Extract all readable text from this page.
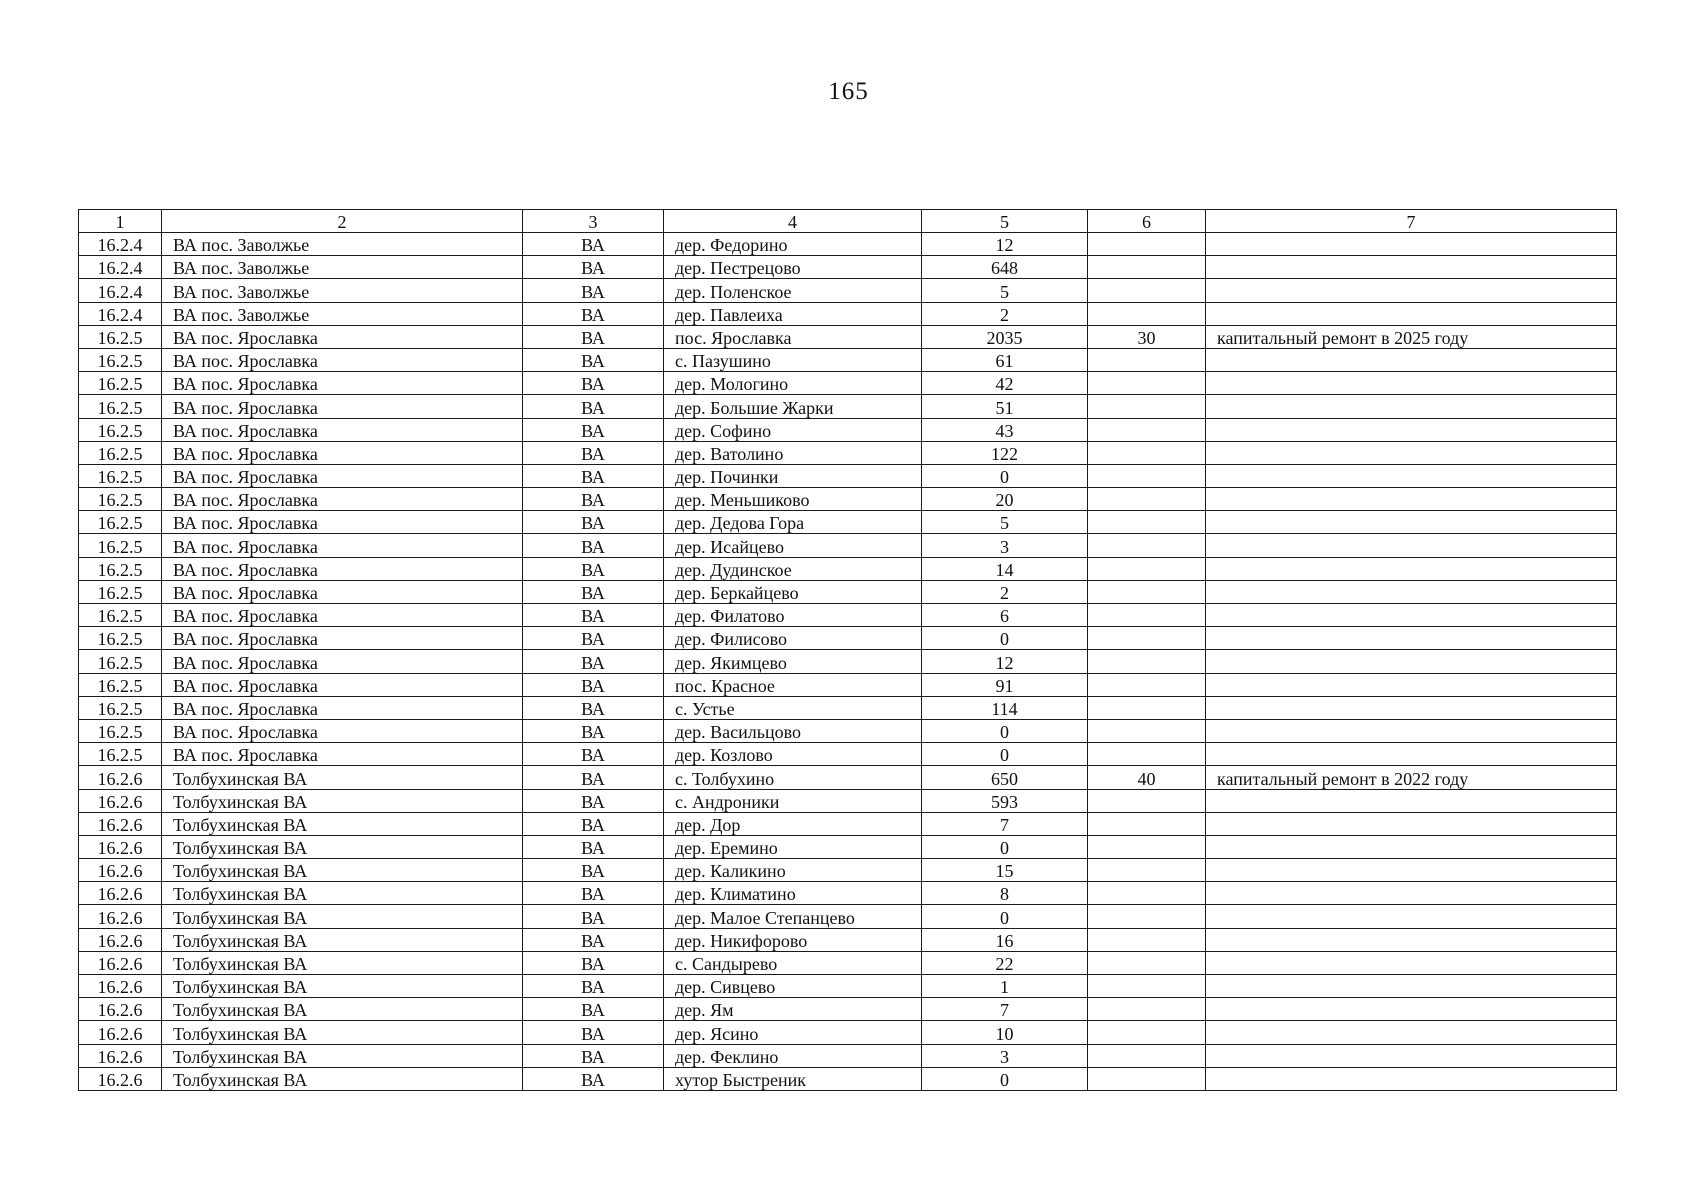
165
1	2	3	4	5	6	7
16.2.4	ВА пос. Заволжье	ВА	дер. Федорино	12		
16.2.4	ВА пос. Заволжье	ВА	дер. Пестрецово	648		
16.2.4	ВА пос. Заволжье	ВА	дер. Поленское	5		
16.2.4	ВА пос. Заволжье	ВА	дер. Павлеиха	2		
16.2.5	ВА пос. Ярославка	ВА	пос. Ярославка	2035	30	капитальный ремонт в 2025 году
16.2.5	ВА пос. Ярославка	ВА	с. Пазушино	61		
16.2.5	ВА пос. Ярославка	ВА	дер. Мологино	42		
16.2.5	ВА пос. Ярославка	ВА	дер. Большие Жарки	51		
16.2.5	ВА пос. Ярославка	ВА	дер. Софино	43		
16.2.5	ВА пос. Ярославка	ВА	дер. Ватолино	122		
16.2.5	ВА пос. Ярославка	ВА	дер. Починки	0		
16.2.5	ВА пос. Ярославка	ВА	дер. Меньшиково	20		
16.2.5	ВА пос. Ярославка	ВА	дер. Дедова Гора	5		
16.2.5	ВА пос. Ярославка	ВА	дер. Исайцево	3		
16.2.5	ВА пос. Ярославка	ВА	дер. Дудинское	14		
16.2.5	ВА пос. Ярославка	ВА	дер. Беркайцево	2		
16.2.5	ВА пос. Ярославка	ВА	дер. Филатово	6		
16.2.5	ВА пос. Ярославка	ВА	дер. Филисово	0		
16.2.5	ВА пос. Ярославка	ВА	дер. Якимцево	12		
16.2.5	ВА пос. Ярославка	ВА	пос. Красное	91		
16.2.5	ВА пос. Ярославка	ВА	с. Устье	114		
16.2.5	ВА пос. Ярославка	ВА	дер. Васильцово	0		
16.2.5	ВА пос. Ярославка	ВА	дер. Козлово	0		
16.2.6	Толбухинская ВА	ВА	с. Толбухино	650	40	капитальный ремонт в 2022 году
16.2.6	Толбухинская ВА	ВА	с. Андроники	593		
16.2.6	Толбухинская ВА	ВА	дер. Дор	7		
16.2.6	Толбухинская ВА	ВА	дер. Еремино	0		
16.2.6	Толбухинская ВА	ВА	дер. Каликино	15		
16.2.6	Толбухинская ВА	ВА	дер. Климатино	8		
16.2.6	Толбухинская ВА	ВА	дер. Малое Степанцево	0		
16.2.6	Толбухинская ВА	ВА	дер. Никифорово	16		
16.2.6	Толбухинская ВА	ВА	с. Сандырево	22		
16.2.6	Толбухинская ВА	ВА	дер. Сивцево	1		
16.2.6	Толбухинская ВА	ВА	дер. Ям	7		
16.2.6	Толбухинская ВА	ВА	дер. Ясино	10		
16.2.6	Толбухинская ВА	ВА	дер. Феклино	3		
16.2.6	Толбухинская ВА	ВА	хутор Быстреник	0		
